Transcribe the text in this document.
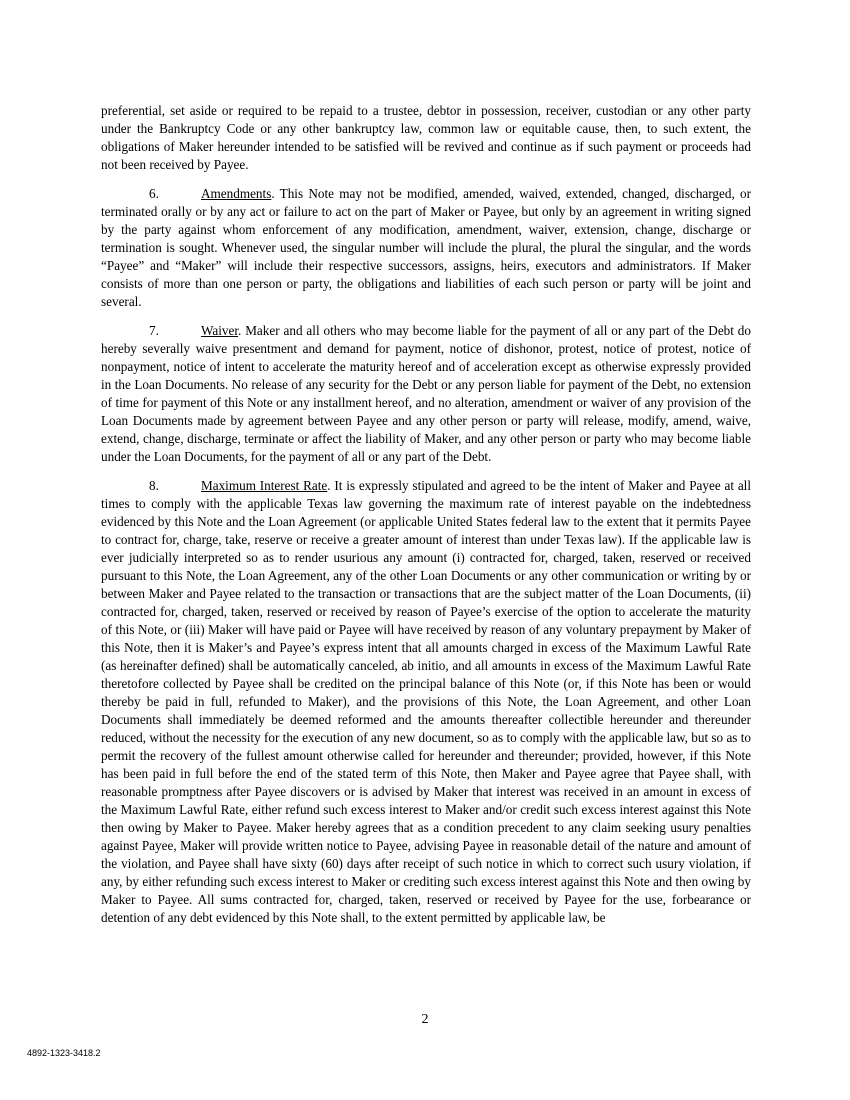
preferential, set aside or required to be repaid to a trustee, debtor in possession, receiver, custodian or any other party under the Bankruptcy Code or any other bankruptcy law, common law or equitable cause, then, to such extent, the obligations of Maker hereunder intended to be satisfied will be revived and continue as if such payment or proceeds had not been received by Payee.

6.	Amendments. This Note may not be modified, amended, waived, extended, changed, discharged, or terminated orally or by any act or failure to act on the part of Maker or Payee, but only by an agreement in writing signed by the party against whom enforcement of any modification, amendment, waiver, extension, change, discharge or termination is sought. Whenever used, the singular number will include the plural, the plural the singular, and the words “Payee” and “Maker” will include their respective successors, assigns, heirs, executors and administrators. If Maker consists of more than one person or party, the obligations and liabilities of each such person or party will be joint and several.

7.	Waiver. Maker and all others who may become liable for the payment of all or any part of the Debt do hereby severally waive presentment and demand for payment, notice of dishonor, protest, notice of protest, notice of nonpayment, notice of intent to accelerate the maturity hereof and of acceleration except as otherwise expressly provided in the Loan Documents. No release of any security for the Debt or any person liable for payment of the Debt, no extension of time for payment of this Note or any installment hereof, and no alteration, amendment or waiver of any provision of the Loan Documents made by agreement between Payee and any other person or party will release, modify, amend, waive, extend, change, discharge, terminate or affect the liability of Maker, and any other person or party who may become liable under the Loan Documents, for the payment of all or any part of the Debt.

8.	Maximum Interest Rate. It is expressly stipulated and agreed to be the intent of Maker and Payee at all times to comply with the applicable Texas law governing the maximum rate of interest payable on the indebtedness evidenced by this Note and the Loan Agreement (or applicable United States federal law to the extent that it permits Payee to contract for, charge, take, reserve or receive a greater amount of interest than under Texas law). If the applicable law is ever judicially interpreted so as to render usurious any amount (i) contracted for, charged, taken, reserved or received pursuant to this Note, the Loan Agreement, any of the other Loan Documents or any other communication or writing by or between Maker and Payee related to the transaction or transactions that are the subject matter of the Loan Documents, (ii) contracted for, charged, taken, reserved or received by reason of Payee’s exercise of the option to accelerate the maturity of this Note, or (iii) Maker will have paid or Payee will have received by reason of any voluntary prepayment by Maker of this Note, then it is Maker’s and Payee’s express intent that all amounts charged in excess of the Maximum Lawful Rate (as hereinafter defined) shall be automatically canceled, ab initio, and all amounts in excess of the Maximum Lawful Rate theretofore collected by Payee shall be credited on the principal balance of this Note (or, if this Note has been or would thereby be paid in full, refunded to Maker), and the provisions of this Note, the Loan Agreement, and other Loan Documents shall immediately be deemed reformed and the amounts thereafter collectible hereunder and thereunder reduced, without the necessity for the execution of any new document, so as to comply with the applicable law, but so as to permit the recovery of the fullest amount otherwise called for hereunder and thereunder; provided, however, if this Note has been paid in full before the end of the stated term of this Note, then Maker and Payee agree that Payee shall, with reasonable promptness after Payee discovers or is advised by Maker that interest was received in an amount in excess of the Maximum Lawful Rate, either refund such excess interest to Maker and/or credit such excess interest against this Note then owing by Maker to Payee. Maker hereby agrees that as a condition precedent to any claim seeking usury penalties against Payee, Maker will provide written notice to Payee, advising Payee in reasonable detail of the nature and amount of the violation, and Payee shall have sixty (60) days after receipt of such notice in which to correct such usury violation, if any, by either refunding such excess interest to Maker or crediting such excess interest against this Note and then owing by Maker to Payee. All sums contracted for, charged, taken, reserved or received by Payee for the use, forbearance or detention of any debt evidenced by this Note shall, to the extent permitted by applicable law, be

2
4892-1323-3418.2
